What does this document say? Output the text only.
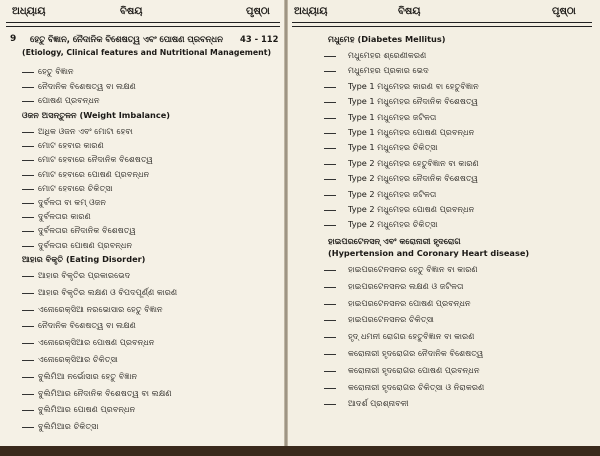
ଅଧ୍ୟାୟ	ବିଷୟ	ପୃଷ୍ଠା
9 ହେତୁ ବିଜ୍ଞାନ, ନୈଦାନିକ ବିଶେଷତ୍ୱ ଏବଂ ପୋଷଣ ପ୍ରବନ୍ଧନ 43 - 112
(Etiology, Clinical features and Nutritional Management)
ହେତୁ ବିଜ୍ଞାନ
ନୈଦାନିକ ବିଶେଷତ୍ୱ ବା ଲକ୍ଷଣ
ପୋଷଣ ପ୍ରବନ୍ଧନ
ଓଜନ ଅସନ୍ତୁଳନ (Weight Imbalance)
ଅଧିକ ଓଜନ ଏବଂ ମୋଟା ହେବା
ମୋଟ ହେବାର କାରଣ
ମୋଟ ହେବାରେ ନୈଦାନିକ ବିଶେଷତ୍ୱ
ମୋଟ ହେବାରେ ପୋଷଣ ପ୍ରବନ୍ଧନ
ମୋଟ ହେବାରେ ଚିକିତ୍ସା
ଦୁର୍ବଳତା ବା କମ୍ ଓଜନ
ଦୁର୍ବଳତାର କାରଣ
ଦୁର୍ବଳତାର ନୈଦାନିକ ବିଶେଷତ୍ୱ
ଦୁର୍ବଳତାର ପୋଷଣ ପ୍ରବନ୍ଧନ
ଆହାର ବିକୃତି (Eating Disorder)
ଆହାର ବିକୃତିର ପ୍ରକାରଭେଦ
ଆହାର ବିକୃତିର ଲକ୍ଷଣ ଓ ବିପଦପୂର୍ଣ୍ଣ କାରଣ
ଏନୋରେକ୍ସିଆ ନରଭୋସାର ହେତୁ ବିଜ୍ଞାନ
ନୈଦାନିକ ବିଶେଷତ୍ୱ ବା ଲକ୍ଷଣ
ଏନୋରେକ୍ସିଆର ପୋଷଣ ପ୍ରବନ୍ଧନ
ଏନୋରେକ୍ସିଆର ଚିକିତ୍ସା
ବୁଲିମିଆ ନର୍ଭୋସାର ହେତୁ ବିଜ୍ଞାନ
ବୁଲିମିଆର ନୈଦାନିକ ବିଶେଷତ୍ୱ ବା ଲକ୍ଷଣ
ବୁଲିମିଆର ପୋଷଣ ପ୍ରବନ୍ଧନ
ବୁଲିମିଆର ଚିକିତ୍ସା
ଅଧ୍ୟାୟ	ବିଷୟ	ପୃଷ୍ଠା
ମଧୁମେହ (Diabetes Mellitus)
ମଧୁମେହର ଶ୍ରେଣୀକରଣ
ମଧୁମେହର ପ୍ରକାର ଭେଦ
Type 1 ମଧୁମେହର କାରଣ ବା ହେତୁବିଜ୍ଞାନ
Type 1 ମଧୁମେହର ନୈଦାନିକ ବିଶେଷତ୍ୱ
Type 1 ମଧୁମେହର ଜଟିଳତା
Type 1 ମଧୁମେହର ପୋଷଣ ପ୍ରବନ୍ଧନ
Type 1 ମଧୁମେହର ଚିକିତ୍ସା
Type 2 ମଧୁମେହର ହେତୁବିଜ୍ଞାନ ବା କାରଣ
Type 2 ମଧୁମେହର ନୈଦାନିକ ବିଶେଷତ୍ୱ
Type 2 ମଧୁମେହର ଜଟିଳତା
Type 2 ମଧୁମେହର ପୋଷଣ ପ୍ରବନ୍ଧନ
Type 2 ମଧୁମେହର ଚିକିତ୍ସା
ହାଇପରଟେନସନ୍ ଏବଂ କରୋନାରୀ ହୃଦରୋଗ
(Hypertension and Coronary Heart disease)
ହାଇପରଟେନସନର ହେତୁ ବିଜ୍ଞାନ ବା କାରଣ
ହାଇପରଟେନସନର ଲକ୍ଷଣ ଓ ଜଟିଳତା
ହାଇପରଟେନସନର ପୋଷଣ ପ୍ରବନ୍ଧନ
ହାଇପରଟେନସନର ଚିକିତ୍ସା
ହୃଦ୍ ଧମନୀ ରୋଗର ହେତୁବିଜ୍ଞାନ ବା କାରଣ
କରୋନାରୀ ହୃଦରୋଗର ନୈଦାନିକ ବିଶେଷତ୍ୱ
କରୋନାରୀ ହୃଦରୋଗର ପୋଷଣ ପ୍ରବନ୍ଧନ
କରୋନାରୀ ହୃଦରୋଗର ଚିକିତ୍ସା ଓ ନିରାକରଣ
ଆଦର୍ଶ ପ୍ରଶ୍ନାବଳୀ
